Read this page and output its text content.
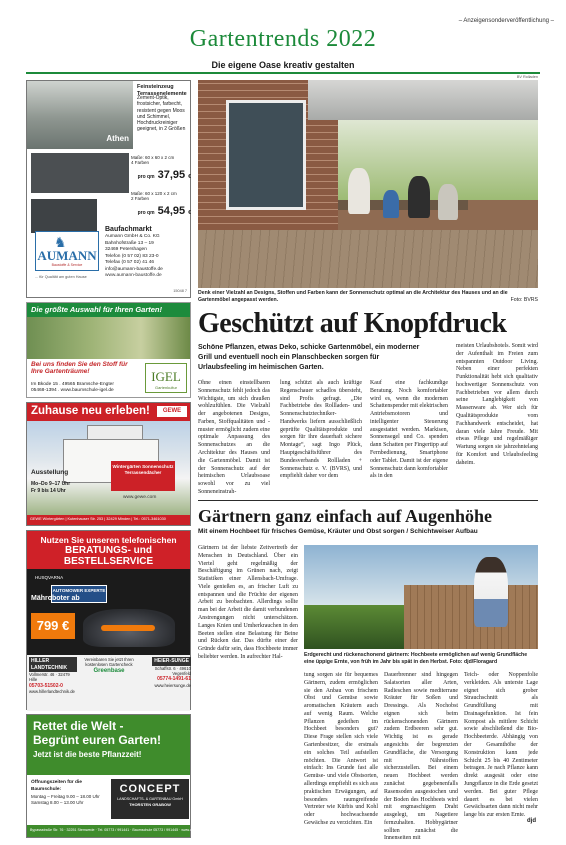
– Anzeigensonderveröffentlichung –
Gartentrends 2022
Die eigene Oase kreativ gestalten
Athen
Feinsteinzeug Terrassenelemente
Zement-Optik, frostsicher, farbecht, resistent gegen Moos und Schimmel, Hochdruckreiniger geeignet, in 2 Größen
Maße: 60 x 60 x 2 cm
4 Farben
pro qm 37,95 €
Maße: 60 x 120 x 2 cm
2 Farben
pro qm 54,95 €
♞
AUMANN
Baustoffe & Service
Baufachmarkt
Aumann GmbH & Co. KG
Bahnhofstraße 13 – 19
32469 Petershagen
Telefon (0 57 02) 83 23-0
Telefax (0 57 02) 41 46
info@aumann-baustoffe.de
www.aumann-baustoffe.de
... für Qualität am guten Hause
15048 7
Die größte Auswahl für Ihren Garten!
Bei uns finden Sie den Stoff für Ihre Gartenträume!
Im Bkode 15 . 49565 Bramsche-Engter
05468-1394 . www.baumschule-igel.de
IGEL
Gartenkultur
Zuhause neu erleben!	GEWE
Ausstellung
Mo–Do 9–17 Uhr
Fr 9 bis 14 Uhr
Wintergärten Sonnenschutz Terrassendächer
www.gewe.com
GEWE Wintergärten | Kutenhauser Str. 253 | 32429 Minden | Tel.: 0571-3461030
Nutzen Sie unseren telefonischen
BERATUNGS- und BESTELLSERVICE
HUSQVARNA
AUTOMOWER EXPERTE
Mähroboter ab
799 €
HILLER LANDTECHNIK
Vollmerstr. 46 · 32479 Hille
05703-51502-0
www.hillerlandtechnik.de
Vereinbaren Sie jetzt Ihren kostenlosen Gartencheck
Greenbase
HEIER-SUNGE
Schaffstr. 6 · 49610 Vegenfeld
05774-1491-61
www.heiersunge.de
Rettet die Welt -
Begrünt euren Garten!
Jetzt ist die beste Pflanzzeit!
Öffnungszeiten für die Baumschule:
Montag – Freitag 9.00 – 18.00 Uhr
Samstag 8.00 – 13.00 Uhr
CONCEPT
LANDSCHAFTS- & GARTENBAU GmbH
THORSTEN GRABOW
Bypassstraße Str. 76 · 32251 Stemwede · Tel. 05773 / 991441 · Baumschule 05773 / 991445 · www.concept-grabow.de
BV Rolladen
Denk einer Vielzahl an Designs, Stoffen und Farben kann der Sonnenschutz optimal an die Architektur des Hauses und an die Gartenmöbel angepasst werden.	Foto: BVRS
Geschützt auf Knopfdruck
Schöne Pflanzen, etwas Deko, schicke Gartenmöbel, ein moderner Grill und eventuell noch ein Planschbecken sorgen für Urlaubsfeeling im heimischen Garten.
Ohne einen einstellbaren Sonnenschutz fehlt jedoch das Wichtigste, um sich draußen wohlzufühlen. Die Vielzahl der angebotenen Designs, Farben, Stoffqualitäten und -muster ermöglicht zudem eine optimale Anpassung des Sonnenschutzes an die Architektur des Hauses und die Gartenmöbel. Damit ist der Sonnenschutz auf der heimischen Urlaubsoase sowohl vor zu viel Sonneneinstrah-
lung schützt als auch kräftige Regenschauer schadlos übersteht, sind Profis gefragt. „Die Fachbetriebe des Rollladen- und Sonnenschutztechniker-Handwerks liefern ausschließlich geprüfte Qualitätsprodukte und sorgen für ihre dauerhaft sichere Montage“, sagt Ingo Plück, Hauptgeschäftsführer des Bundesverbands Rollladen + Sonnenschutz e. V. (BVRS), und empfiehlt daher vor dem
Kauf eine fachkundige Beratung. Noch komfortabler wird es, wenn die modernen Schattenspender mit elektrischen Antriebsmotoren und intelligenter Steuerung ausgestattet werden. Markisen, Sonnensegel und Co. spenden dann Schatten per Fingertipp auf Fernbedienung, Smartphone oder Tablet. Damit ist der eigene Sonnenschutz dann komfortabler als in den
meisten Urlaubshotels. Somit wird der Aufenthalt im Freien zum entspannten Outdoor Living. Neben einer perfekten Funktionalität hebt sich qualitativ hochwertiger Sonnenschutz von Fachbetrieben vor allem durch seine Langlebigkeit von Massenware ab. Wer sich für Qualitätsprodukte vom Fachhandwerk entscheidet, hat daran viele Jahre Freude. Mit etwas Pflege und regelmäßiger Wartung sorgen sie jahrzehntelang für Komfort und Urlaubsfeeling daheim.
Gärtnern ganz einfach auf Augenhöhe
Mit einem Hochbeet für frisches Gemüse, Kräuter und Obst sorgen / Schichtweiser Aufbau
Gärtnern ist der liebste Zeitvertreib der Menschen in Deutschland. Über ein Viertel geht regelmäßig der Beschäftigung im Grünen nach, zeigt Statistiken einer Allensbach-Umfrage. Viele genießen es, an frischer Luft zu entspannen und die Früchte der eigenen Arbeit zu beobachten. Allerdings sollte man bei der Arbeit die damit verbundenen Anstrengungen nicht unterschätzen. Langes Knien und Umherkrauchen in den Beeten stellen eine Belastung für Beine und Rücken dar. Das dürfte einer der Gründe dafür sein, dass Hochbeete immer beliebter werden. In aufrechter Hal-	Erdgerecht und rückenschonend gärtnern: Hochbeete ermöglichen auf wenig Grundfläche eine üppige Ernte, von früh im Jahr bis spät in den Herbst. Foto: djd/Floragard
tung sorgen sie für bequemes Gärtnern, zudem ermöglichen sie den Anbau von frischem Obst und Gemüse sowie aromatischen Kräutern auch auf wenig Raum. Welche Pflanzen gedeihen im Hochbeet besonders gut? Diese Frage stellen sich viele Gartenbesitzer, die erstmals ein solches Teil aufstellen möchten. Die Antwort ist einfach: Ins Grunde fast alle Gemüse- und viele Obstsorten, allerdings empfiehlt es sich aus praktischen Erwägungen, auf besonders raumgreifende Vertreter wie Kürbis und Kohl oder hochwachsende Gewächse zu verzichten. Ein
Dauerbrenner sind hingegen Salatsorten aller Arten, Radieschen sowie mediterrane Kräuter für Soßen und Dressings. Als Nochobst eignen sich beim rückenschonenden Gärtnern zudem Erdbeeren sehr gut. Wichtig ist es gerade angesichts der begrenzten Grundfläche, die Versorgung mit Nährstoffen sicherzustellen. Bei einem neuen Hochbeet werden zunächst gegebenenfalls Rasensoden ausgestochen und der Boden des Hochbeets wird mit engmaschigem Draht ausgelegt, um Nagetiere fernzuhalten. Hobbygärtner sollten zunächst die Innenseiten mit
Teich- oder Noppenfolie verkleiden. Als unterste Lage eignet sich grober Strauchschnitt als Grundfüllung mit Drainagefunktion. Ist fein Kompost als mittlere Schicht sowie abschließend die Bio-Hochbeeterde. Abhängig von der Gesamthöhe der Konstruktion kann jede Schicht 25 bis 40 Zentimeter betragen. Je nach Pflanze kann direkt ausgesät oder eine Jungpflanze in die Erde gesetzt werden. Bei guter Pflege dauert es bei vielen Gewächsarten dann nicht mehr lange bis zur ersten Ernte.
djd
